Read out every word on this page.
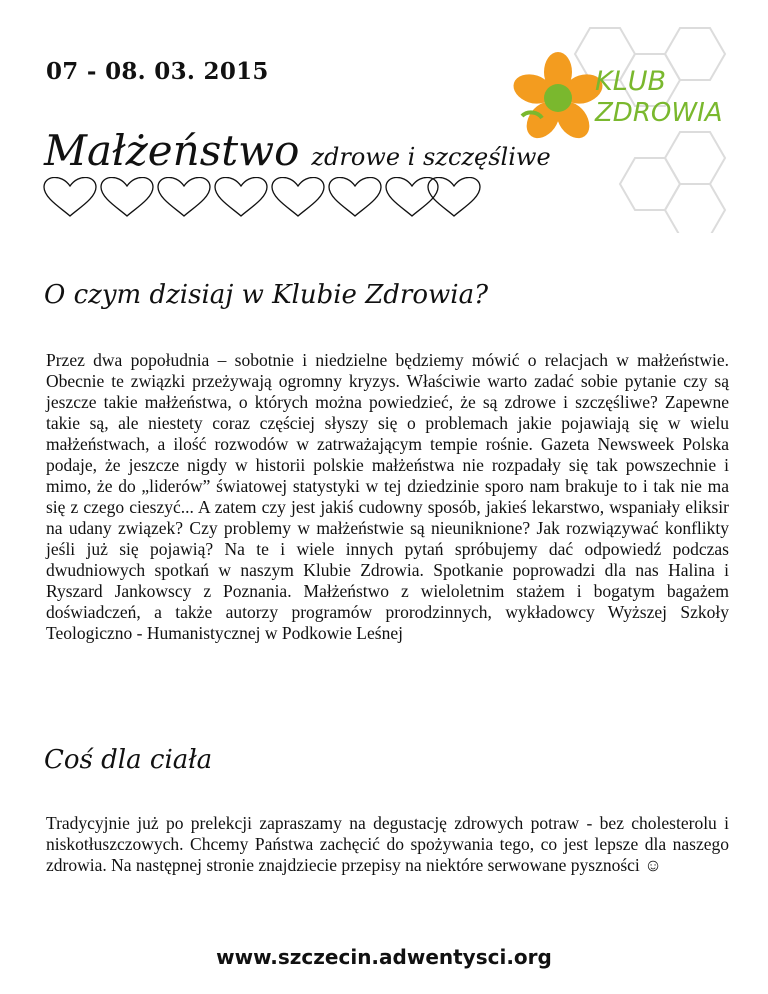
07 - 08. 03. 2015	KLUB
ZDROWIA
Małżeństwo zdrowe i szczęśliwe
O czym dzisiaj w Klubie Zdrowia?
Przez dwa popołudnia – sobotnie i niedzielne będziemy mówić o relacjach w małżeństwie. Obecnie te związki przeżywają ogromny kryzys. Właściwie warto zadać sobie pytanie czy są jeszcze takie małżeństwa, o których można powiedzieć, że są zdrowe i szczęśliwe? Zapewne takie są, ale niestety coraz częściej słyszy się o problemach jakie pojawiają się w wielu małżeństwach, a ilość rozwodów w zatrważającym tempie rośnie. Gazeta Newsweek Polska podaje, że jeszcze nigdy w historii polskie małżeństwa nie rozpadały się tak powszechnie i mimo, że do „liderów” światowej statystyki w tej dziedzinie sporo nam brakuje to i tak nie ma się z czego cieszyć... A zatem czy jest jakiś cudowny sposób, jakieś lekarstwo, wspaniały eliksir na udany związek? Czy problemy w małżeństwie są nieuniknione? Jak rozwiązywać konflikty jeśli już się pojawią? Na te i wiele innych pytań spróbujemy dać odpowiedź podczas dwudniowych spotkań w naszym Klubie Zdrowia. Spotkanie poprowadzi dla nas Halina i Ryszard Jankowscy z Poznania. Małżeństwo z wieloletnim stażem i bogatym bagażem doświadczeń, a także autorzy programów prorodzinnych, wykładowcy Wyższej Szkoły Teologiczno - Humanistycznej w Podkowie Leśnej
Coś dla ciała
Tradycyjnie już po prelekcji zapraszamy na degustację zdrowych potraw - bez cholesterolu i niskotłuszczowych. Chcemy Państwa zachęcić do spożywania tego, co jest lepsze dla naszego zdrowia. Na następnej stronie znajdziecie przepisy na niektóre serwowane pyszności ☺
www.szczecin.adwentysci.org
